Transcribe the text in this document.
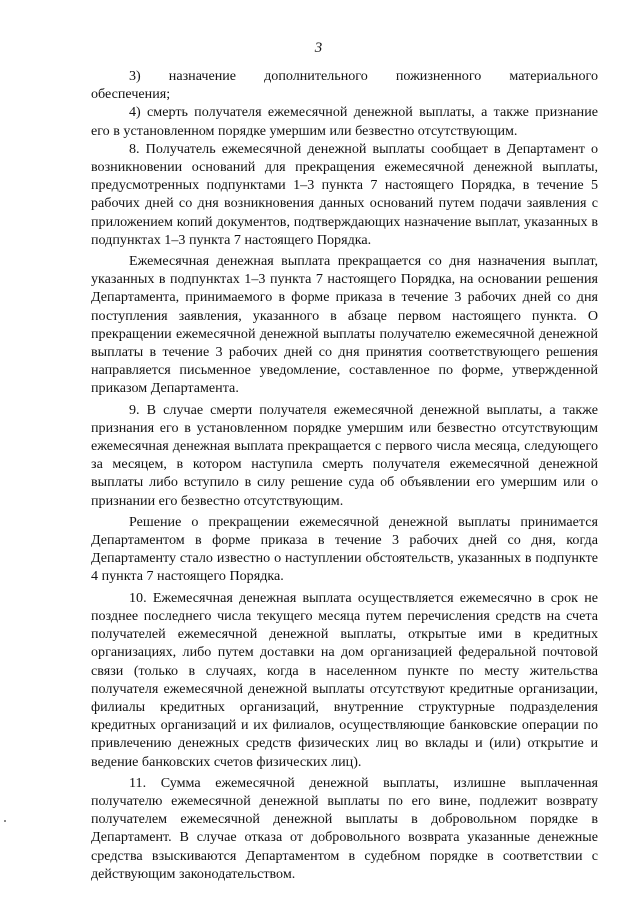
3

3)     назначение     дополнительного     пожизненного     материального обеспечения;

4) смерть получателя ежемесячной денежной выплаты, а также признание его в установленном порядке умершим или безвестно отсутствующим.

8. Получатель ежемесячной денежной выплаты сообщает в Департамент о возникновении оснований для прекращения ежемесячной денежной выплаты, предусмотренных подпунктами 1–3 пункта 7 настоящего Порядка, в течение 5 рабочих дней со дня возникновения данных оснований путем подачи заявления с приложением копий документов, подтверждающих назначение выплат, указанных в подпунктах 1–3 пункта 7 настоящего Порядка.

Ежемесячная денежная выплата прекращается со дня назначения выплат, указанных в подпунктах 1–3 пункта 7 настоящего Порядка, на основании решения Департамента, принимаемого в форме приказа в течение 3 рабочих дней со дня поступления заявления, указанного в абзаце первом настоящего пункта. О прекращении ежемесячной денежной выплаты получателю ежемесячной денежной выплаты в течение 3 рабочих дней со дня принятия соответствующего решения направляется письменное уведомление, составленное по форме, утвержденной приказом Департамента.

9. В случае смерти получателя ежемесячной денежной выплаты, а также признания его в установленном порядке умершим или безвестно отсутствующим ежемесячная денежная выплата прекращается с первого числа месяца, следующего за месяцем, в котором наступила смерть получателя ежемесячной денежной выплаты либо вступило в силу решение суда об объявлении его умершим или о признании его безвестно отсутствующим.

Решение о прекращении ежемесячной денежной выплаты принимается Департаментом в форме приказа в течение 3 рабочих дней со дня, когда Департаменту стало известно о наступлении обстоятельств, указанных в подпункте 4 пункта 7 настоящего Порядка.

10. Ежемесячная денежная выплата осуществляется ежемесячно в срок не позднее последнего числа текущего месяца путем перечисления средств на счета получателей ежемесячной денежной выплаты, открытые ими в кредитных организациях, либо путем доставки на дом организацией федеральной почтовой связи (только в случаях, когда в населенном пункте по месту жительства получателя ежемесячной денежной выплаты отсутствуют кредитные организации, филиалы кредитных организаций, внутренние структурные подразделения кредитных организаций и их филиалов, осуществляющие банковские операции по привлечению денежных средств физических лиц во вклады и (или) открытие и ведение банковских счетов физических лиц).

11. Сумма ежемесячной денежной выплаты, излишне выплаченная получателю ежемесячной денежной выплаты по его вине, подлежит возврату получателем ежемесячной денежной выплаты в добровольном порядке в Департамент. В случае отказа от добровольного возврата указанные денежные средства взыскиваются Департаментом в судебном порядке в соответствии с действующим законодательством.
